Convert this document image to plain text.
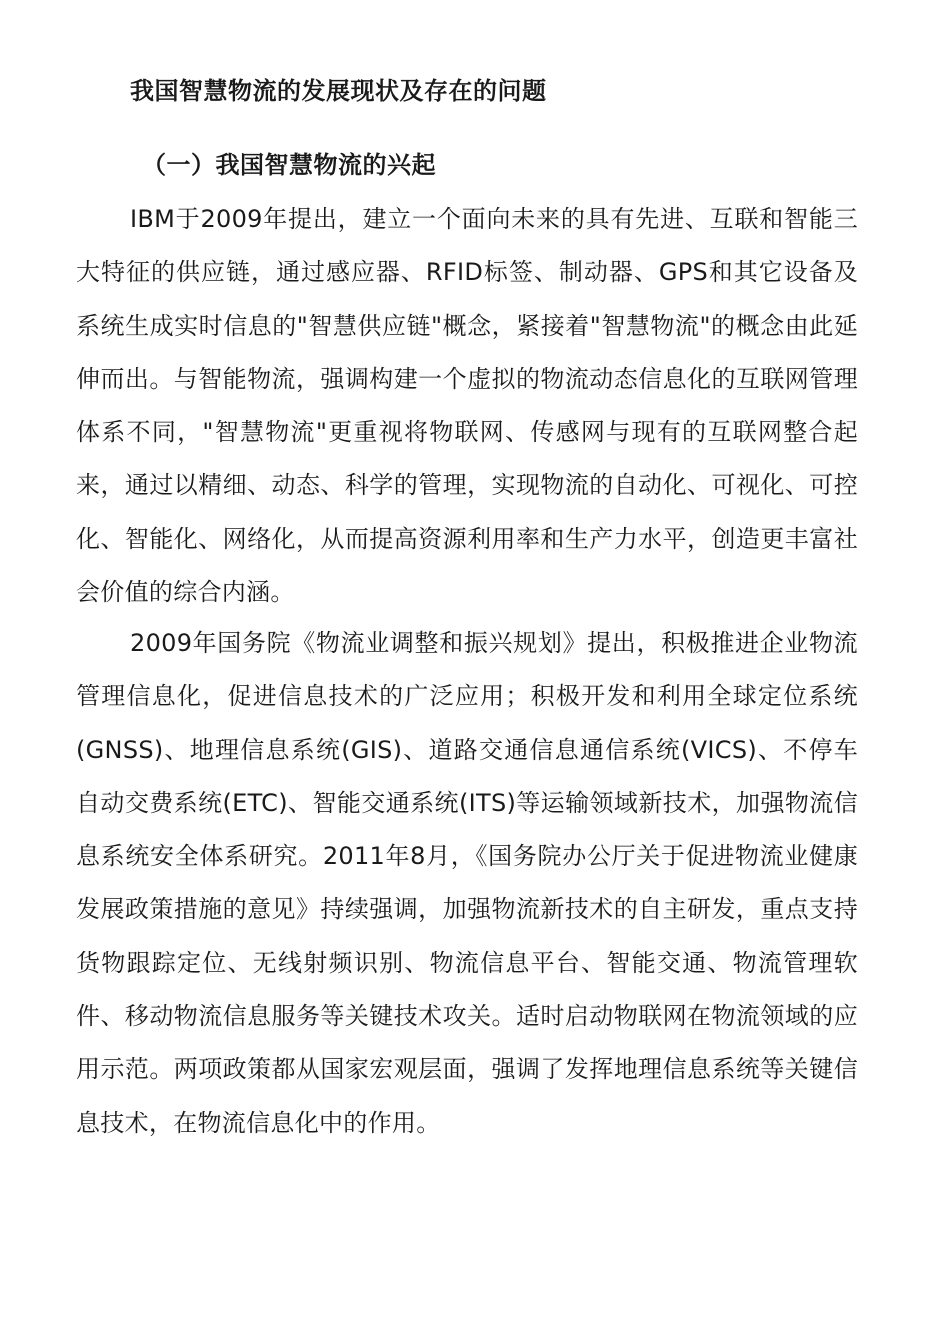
我国智慧物流的发展现状及存在的问题
（一）我国智慧物流的兴起

IBM于2009年提出，建立一个面向未来的具有先进、互联和智能三大特征的供应链，通过感应器、RFID标签、制动器、GPS和其它设备及系统生成实时信息的"智慧供应链"概念，紧接着"智慧物流"的概念由此延伸而出。与智能物流，强调构建一个虚拟的物流动态信息化的互联网管理体系不同，"智慧物流"更重视将物联网、传感网与现有的互联网整合起来，通过以精细、动态、科学的管理，实现物流的自动化、可视化、可控化、智能化、网络化，从而提高资源利用率和生产力水平，创造更丰富社会价值的综合内涵。

2009年国务院《物流业调整和振兴规划》提出，积极推进企业物流管理信息化，促进信息技术的广泛应用；积极开发和利用全球定位系统(GNSS)、地理信息系统(GIS)、道路交通信息通信系统(VICS)、不停车自动交费系统(ETC)、智能交通系统(ITS)等运输领域新技术，加强物流信息系统安全体系研究。2011年8月，《国务院办公厅关于促进物流业健康发展政策措施的意见》持续强调，加强物流新技术的自主研发，重点支持货物跟踪定位、无线射频识别、物流信息平台、智能交通、物流管理软件、移动物流信息服务等关键技术攻关。适时启动物联网在物流领域的应用示范。两项政策都从国家宏观层面，强调了发挥地理信息系统等关键信息技术，在物流信息化中的作用。
